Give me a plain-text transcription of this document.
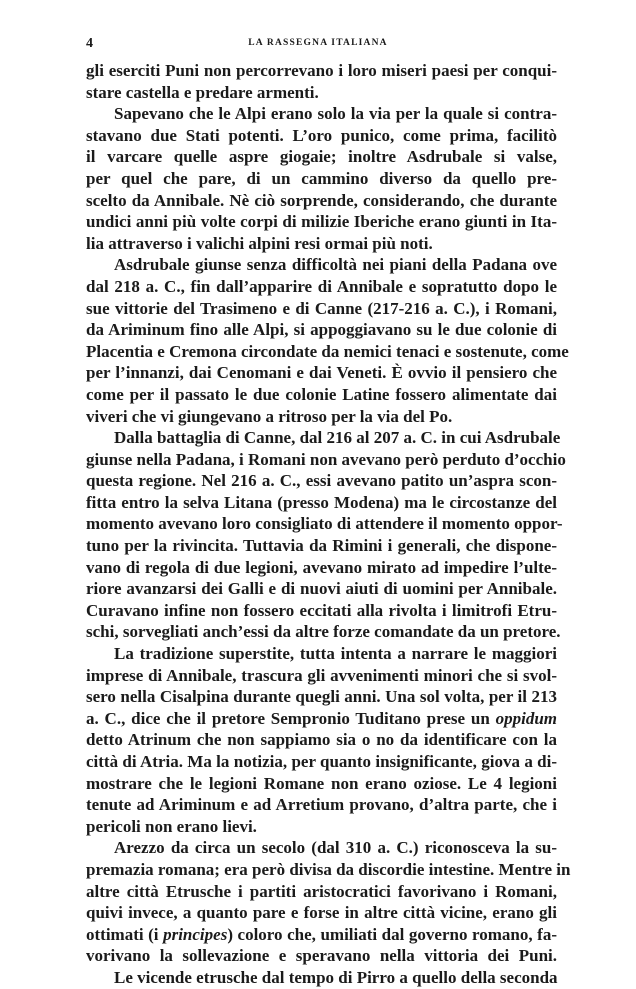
4	LA RASSEGNA ITALIANA
gli eserciti Puni non percorrevano i loro miseri paesi per conqui-
stare castella e predare armenti.
Sapevano che le Alpi erano solo la via per la quale si contra-
stavano due Stati potenti. L’oro punico, come prima, facilitò
il varcare quelle aspre giogaie; inoltre Asdrubale si valse,
per quel che pare, di un cammino diverso da quello pre-
scelto da Annibale. Nè ciò sorprende, considerando, che durante
undici anni più volte corpi di milizie Iberiche erano giunti in Ita-
lia attraverso i valichi alpini resi ormai più noti.
Asdrubale giunse senza difficoltà nei piani della Padana ove
dal 218 a. C., fin dall’apparire di Annibale e sopratutto dopo le
sue vittorie del Trasimeno e di Canne (217-216 a. C.), i Romani,
da Ariminum fino alle Alpi, si appoggiavano su le due colonie di
Placentia e Cremona circondate da nemici tenaci e sostenute, come
per l’innanzi, dai Cenomani e dai Veneti. È ovvio il pensiero che
come per il passato le due colonie Latine fossero alimentate dai
viveri che vi giungevano a ritroso per la via del Po.
Dalla battaglia di Canne, dal 216 al 207 a. C. in cui Asdrubale
giunse nella Padana, i Romani non avevano però perduto d’occhio
questa regione. Nel 216 a. C., essi avevano patito un’aspra scon-
fitta entro la selva Litana (presso Modena) ma le circostanze del
momento avevano loro consigliato di attendere il momento oppor-
tuno per la rivincita. Tuttavia da Rimini i generali, che dispone-
vano di regola di due legioni, avevano mirato ad impedire l’ulte-
riore avanzarsi dei Galli e di nuovi aiuti di uomini per Annibale.
Curavano infine non fossero eccitati alla rivolta i limitrofi Etru-
schi, sorvegliati anch’essi da altre forze comandate da un pretore.
La tradizione superstite, tutta intenta a narrare le maggiori
imprese di Annibale, trascura gli avvenimenti minori che si svol-
sero nella Cisalpina durante quegli anni. Una sol volta, per il 213
a. C., dice che il pretore Sempronio Tuditano prese un oppidum
detto Atrinum che non sappiamo sia o no da identificare con la
città di Atria. Ma la notizia, per quanto insignificante, giova a di-
mostrare che le legioni Romane non erano oziose. Le 4 legioni
tenute ad Ariminum e ad Arretium provano, d’altra parte, che i
pericoli non erano lievi.
Arezzo da circa un secolo (dal 310 a. C.) riconosceva la su-
premazia romana; era però divisa da discordie intestine. Mentre in
altre città Etrusche i partiti aristocratici favorivano i Romani,
quivi invece, a quanto pare e forse in altre città vicine, erano gli
ottimati (i principes) coloro che, umiliati dal governo romano, fa-
vorivano la sollevazione e speravano nella vittoria dei Puni.
Le vicende etrusche dal tempo di Pirro a quello della seconda
